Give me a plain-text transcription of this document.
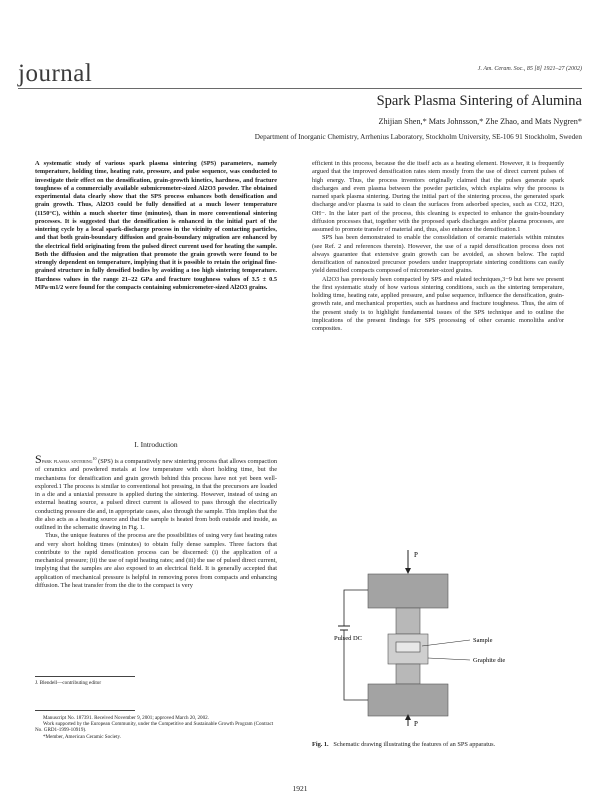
journal	J. Am. Ceram. Soc., 85 [8] 1921–27 (2002)
Spark Plasma Sintering of Alumina
Zhijian Shen,* Mats Johnsson,* Zhe Zhao, and Mats Nygren*
Department of Inorganic Chemistry, Arrhenius Laboratory, Stockholm University, SE-106 91 Stockholm, Sweden

A systematic study of various spark plasma sintering (SPS) parameters, namely temperature, holding time, heating rate, pressure, and pulse sequence, was conducted to investigate their effect on the densification, grain-growth kinetics, hardness, and fracture toughness of a commercially available submicrometer-sized Al2O3 powder. The obtained experimental data clearly show that the SPS process enhances both densification and grain growth. Thus, Al2O3 could be fully densified at a much lower temperature (1150°C), within a much shorter time (minutes), than in more conventional sintering processes. It is suggested that the densification is enhanced in the initial part of the sintering cycle by a local spark-discharge process in the vicinity of contacting particles, and that both grain-boundary diffusion and grain-boundary migration are enhanced by the electrical field originating from the pulsed direct current used for heating the sample. Both the diffusion and the migration that promote the grain growth were found to be strongly dependent on temperature, implying that it is possible to retain the original fine-grained structure in fully densified bodies by avoiding a too high sintering temperature. Hardness values in the range 21–22 GPa and fracture toughness values of 3.5 ± 0.5 MPa·m1/2 were found for the compacts containing submicrometer-sized Al2O3 grains.

I. Introduction

Spark plasma sintering$^{10}$ (SPS) is a comparatively new sintering process that allows compaction of ceramics and powdered metals at low temperature with short holding time, but the mechanisms for densification and grain growth behind this process have not yet been well-explored.1 The process is similar to conventional hot pressing, in that the precursors are loaded in a die and a uniaxial pressure is applied during the sintering. However, instead of using an external heating source, a pulsed direct current is allowed to pass through the electrically conducting pressure die and, in appropriate cases, also through the sample. This implies that the die also acts as a heating source and that the sample is heated from both outside and inside, as outlined in the schematic drawing in Fig. 1.

Thus, the unique features of the process are the possibilities of using very fast heating rates and very short holding times (minutes) to obtain fully dense samples. Three factors that contribute to the rapid densification process can be discerned: (i) the application of a mechanical pressure; (ii) the use of rapid heating rates; and (iii) the use of pulsed direct current, implying that the samples are also exposed to an electrical field. It is generally accepted that application of mechanical pressure is helpful in removing pores from compacts and enhancing diffusion. The heat transfer from the die to the compact is very

efficient in this process, because the die itself acts as a heating element. However, it is frequently argued that the improved densification rates stem mostly from the use of direct current pulses of high energy. Thus, the process inventors originally claimed that the pulses generate spark discharges and even plasma between the powder particles, which explains why the process is named spark plasma sintering. During the initial part of the sintering process, the generated spark discharge and/or plasma is said to clean the surfaces from adsorbed species, such as CO2, H2O, OH−. In the later part of the process, this cleaning is expected to enhance the grain-boundary diffusion processes that, together with the proposed spark discharges and/or plasma processes, are assumed to promote transfer of material and, thus, also enhance the densification.1

SPS has been demonstrated to enable the consolidation of ceramic materials within minutes (see Ref. 2 and references therein). However, the use of a rapid densification process does not always guarantee that extensive grain growth can be avoided, as shown below. The rapid densification of nanosized precursor powders under inappropriate sintering conditions can easily yield densified compacts composed of micrometer-sized grains.

Al2O3 has previously been compacted by SPS and related techniques,3−9 but here we present the first systematic study of how various sintering conditions, such as the sintering temperature, holding time, heating rate, applied pressure, and pulse sequence, influence the densification, grain-growth rate, and mechanical properties, such as hardness and fracture toughness. Thus, the aim of the present study is to highlight fundamental issues of the SPS technique and to outline the implications of the present findings for SPS processing of other ceramic monoliths and/or composites.

J. Blendell—contributing editor
Manuscript No. 187391. Received November 9, 2001; approved March 20, 2002.
Work supported by the European Community, under the Competitive and Sustainable Growth Program (Contract No. GRD1-1999-10919).
*Member, American Ceramic Society.
P
P
Pulsed DC	Sample
Graphite die
Fig. 1. Schematic drawing illustrating the features of an SPS apparatus.
1921
